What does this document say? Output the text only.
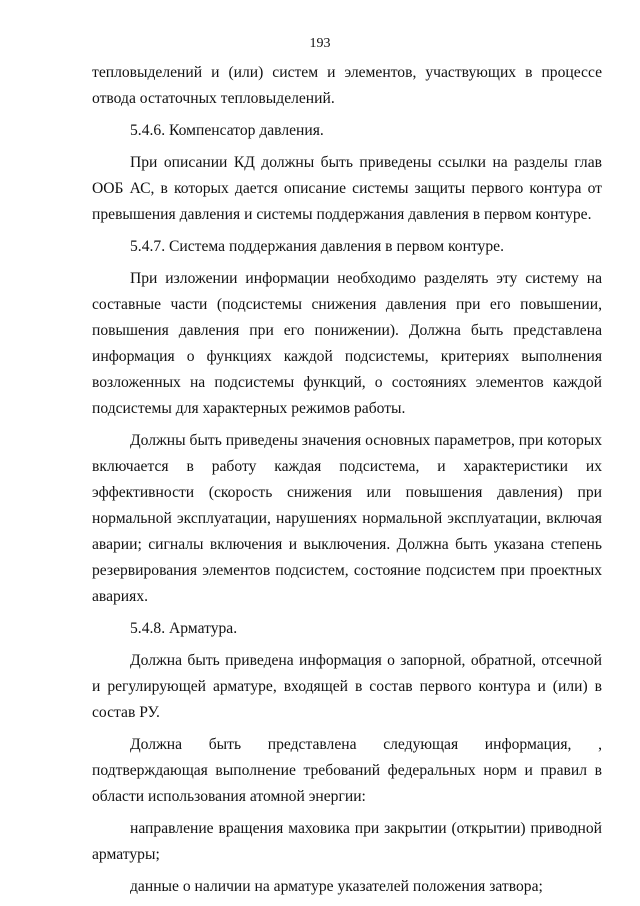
193

тепловыделений и (или) систем и элементов, участвующих в процессе отвода остаточных тепловыделений.

5.4.6. Компенсатор давления.

При описании КД должны быть приведены ссылки на разделы глав ООБ АС, в которых дается описание системы защиты первого контура от превышения давления и системы поддержания давления в первом контуре.

5.4.7. Система поддержания давления в первом контуре.

При изложении информации необходимо разделять эту систему на составные части (подсистемы снижения давления при его повышении, повышения давления при его понижении). Должна быть представлена информация о функциях каждой подсистемы, критериях выполнения возложенных на подсистемы функций, о состояниях элементов каждой подсистемы для характерных режимов работы.

Должны быть приведены значения основных параметров, при которых включается в работу каждая подсистема, и характеристики их эффективности (скорость снижения или повышения давления) при нормальной эксплуатации, нарушениях нормальной эксплуатации, включая аварии; сигналы включения и выключения. Должна быть указана степень резервирования элементов подсистем, состояние подсистем при проектных авариях.

5.4.8. Арматура.

Должна быть приведена информация о запорной, обратной, отсечной и регулирующей арматуре, входящей в состав первого контура и (или) в состав РУ.

Должна быть представлена следующая информация, , подтверждающая выполнение требований федеральных норм и правил в области использования атомной энергии:

направление вращения маховика при закрытии (открытии) приводной арматуры;

данные о наличии на арматуре указателей положения затвора;
